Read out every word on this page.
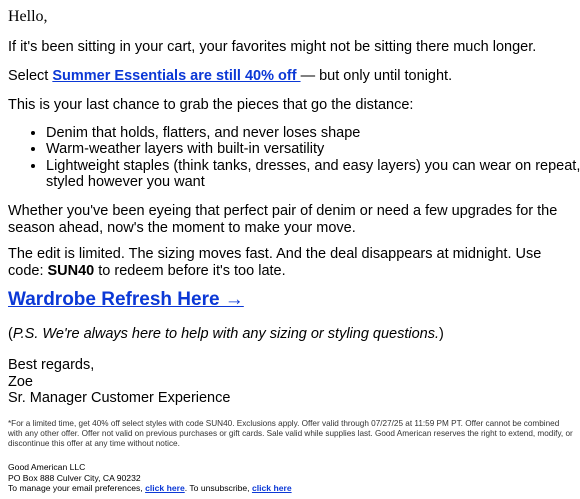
Hello,

If it's been sitting in your cart, your favorites might not be sitting there much longer.

Select Summer Essentials are still 40% off — but only until tonight.

This is your last chance to grab the pieces that go the distance:

• Denim that holds, flatters, and never loses shape
• Warm-weather layers with built-in versatility
• Lightweight staples (think tanks, dresses, and easy layers) you can wear on repeat, styled however you want

Whether you've been eyeing that perfect pair of denim or need a few upgrades for the season ahead, now's the moment to make your move.

The edit is limited. The sizing moves fast. And the deal disappears at midnight. Use code: SUN40 to redeem before it's too late.

Wardrobe Refresh Here →

(P.S. We're always here to help with any sizing or styling questions.)

Best regards,

Zoe

Sr. Manager Customer Experience

*For a limited time, get 40% off select styles with code SUN40. Exclusions apply. Offer valid through 07/27/25 at 11:59 PM PT. Offer cannot be combined with any other offer. Offer not valid on previous purchases or gift cards. Sale valid while supplies last. Good American reserves the right to extend, modify, or discontinue this offer at any time without notice.

Good American LLC
PO Box 888 Culver City, CA 90232
To manage your email preferences, click here. To unsubscribe, click here
